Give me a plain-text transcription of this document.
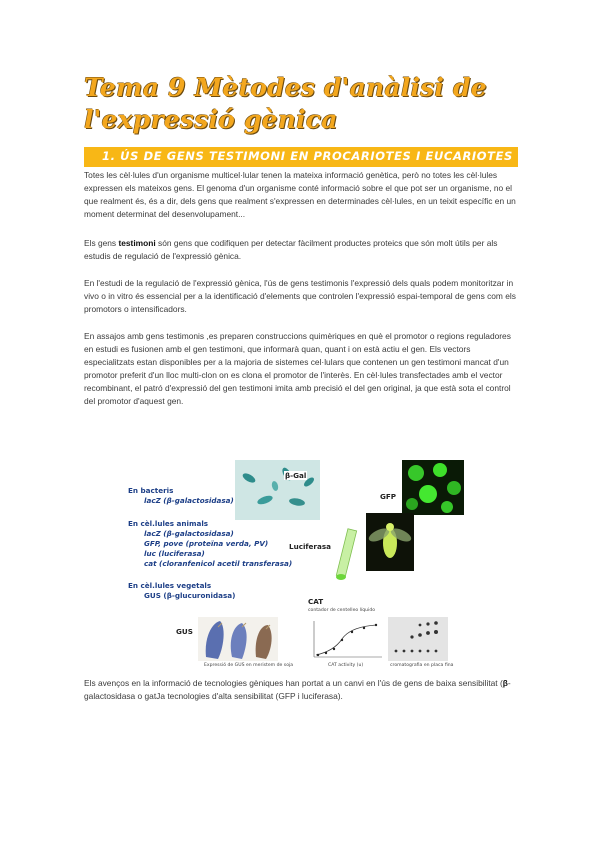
Tema 9 Mètodes d'anàlisi de l'expressió gènica
1. ÚS DE GENS TESTIMONI EN PROCARIOTES I EUCARIOTES

Totes les cèl·lules d'un organisme multicel·lular tenen la mateixa informació genètica, però no totes les cèl·lules expressen els mateixos gens. El genoma d'un organisme conté informació sobre el que pot ser un organisme, no el que realment és, és a dir, dels gens que realment s'expressen en determinades cèl·lules, en un teixit específic en un moment determinat del desenvolupament...

Els gens testimoni són gens que codifiquen per detectar fàcilment productes proteics que són molt útils per als estudis de regulació de l'expressió gènica.

En l'estudi de la regulació de l'expressió gènica, l'ús de gens testimonis l'expressió dels quals podem monitoritzar in vivo o in vitro és essencial per a la identificació d'elements que controlen l'expressió espai-temporal de gens com els promotors o intensificadors.

En assajos amb gens testimonis ,es preparen construccions quimèriques en què el promotor o regions reguladores en estudi es fusionen amb el gen testimoni, que informarà quan, quant i on està actiu el gen. Els vectors especialitzats estan disponibles per a la majoria de sistemes cel·lulars que contenen un gen testimoni mancat d'un promotor preferit d'un lloc multi-clon on es clona el promotor de l'interès. En cèl·lules transfectades amb el vector recombinant, el patró d'expressió del gen testimoni imita amb precisió el del gen original, ja que està sota el control del promotor d'aquest gen.

En bacteris
lacZ (β-galactosidasa)
En cèl.lules animals
lacZ (β-galactosidasa)
GFP, pove (proteïna verda, PV)
luc (luciferasa)
cat (cloranfenicol acetil transferasa)
En cèl.lules vegetals
GUS (β-glucuronidasa)
β-Gal
GFP
Luciferasa
CAT
contador de centelleo líquido
CAT activity (u)	cromatografia en placa fina
GUS
Expressió de GUS en meristem de soja

Els avenços en la informació de tecnologies gèniques han portat a un canvi en l'ús de gens de baixa sensibilitat (β-galactosidasa o gatJa tecnologies d'alta sensibilitat (GFP i luciferasa).
